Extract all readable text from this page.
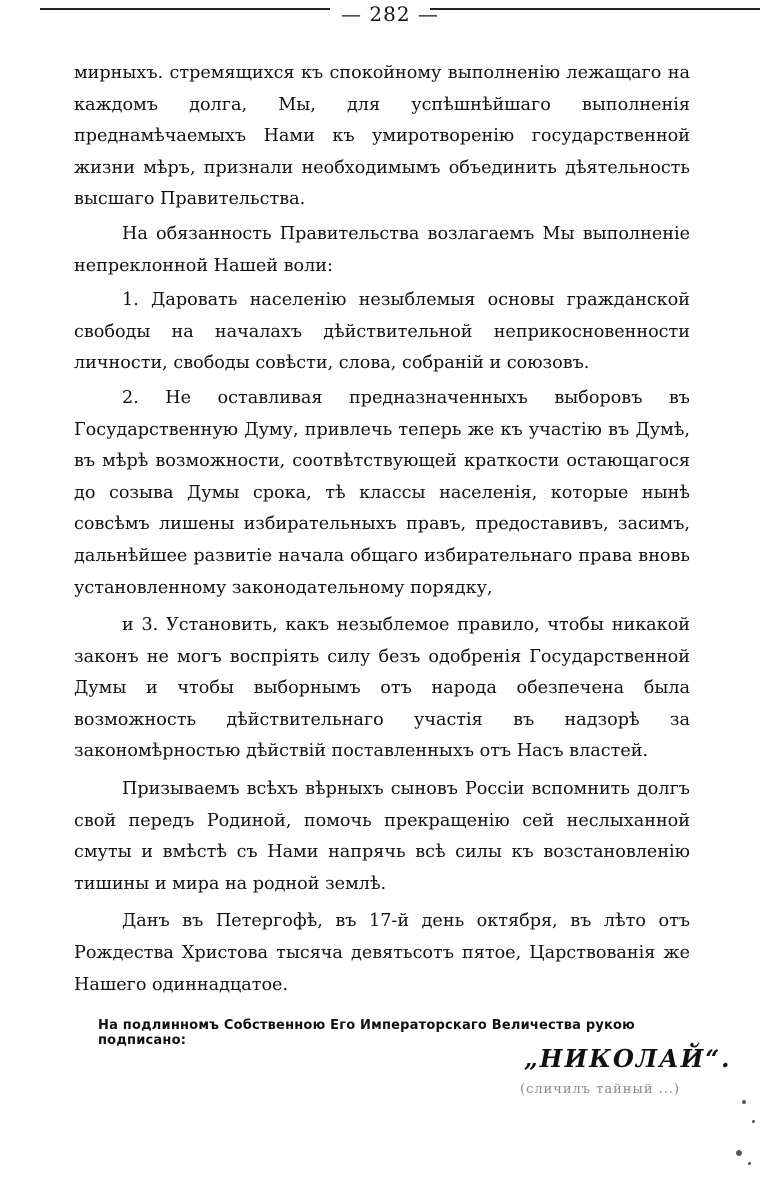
— 282 —

мирныхъ. стремящихся къ спокойному выполненію лежащаго на каждомъ долга, Мы, для успѣшнѣйшаго выполненія преднамѣчаемыхъ Нами къ умиротворенію государственной жизни мѣръ, признали необходимымъ объединить дѣятельность высшаго Правительства.

На обязанность Правительства возлагаемъ Мы выполненіе непреклонной Нашей воли:

1. Даровать населенію незыблемыя основы гражданской свободы на началахъ дѣйствительной неприкосновенности личности, свободы совѣсти, слова, собраній и союзовъ.

2. Не оставливая предназначенныхъ выборовъ въ Государственную Думу, привлечь теперь же къ участію въ Думѣ, въ мѣрѣ возможности, соотвѣтствующей краткости остающагося до созыва Думы срока, тѣ классы населенія, которые нынѣ совсѣмъ лишены избирательныхъ правъ, предоставивъ, засимъ, дальнѣйшее развитіе начала общаго избирательнаго права вновь установленному законодательному порядку,

и 3. Установить, какъ незыблемое правило, чтобы никакой законъ не могъ воспріять силу безъ одобренія Государственной Думы и чтобы выборнымъ отъ народа обезпечена была возможность дѣйствительнаго участія въ надзорѣ за закономѣрностью дѣйствій поставленныхъ отъ Насъ властей.

Призываемъ всѣхъ вѣрныхъ сыновъ Россіи вспомнить долгъ свой передъ Родиной, помочь прекращенію сей неслыханной смуты и вмѣстѣ съ Нами напрячь всѣ силы къ возстановленію тишины и мира на родной землѣ.

Данъ въ Петергофѣ, въ 17-й день октября, въ лѣто отъ Рождества Христова тысяча девятьсотъ пятое, Царствованія же Нашего одиннадцатое.

На подлинномъ Собственною Его Императорскаго Величества рукою подписано:
„НИКОЛАЙ“.
(сличилъ тайный ...)
